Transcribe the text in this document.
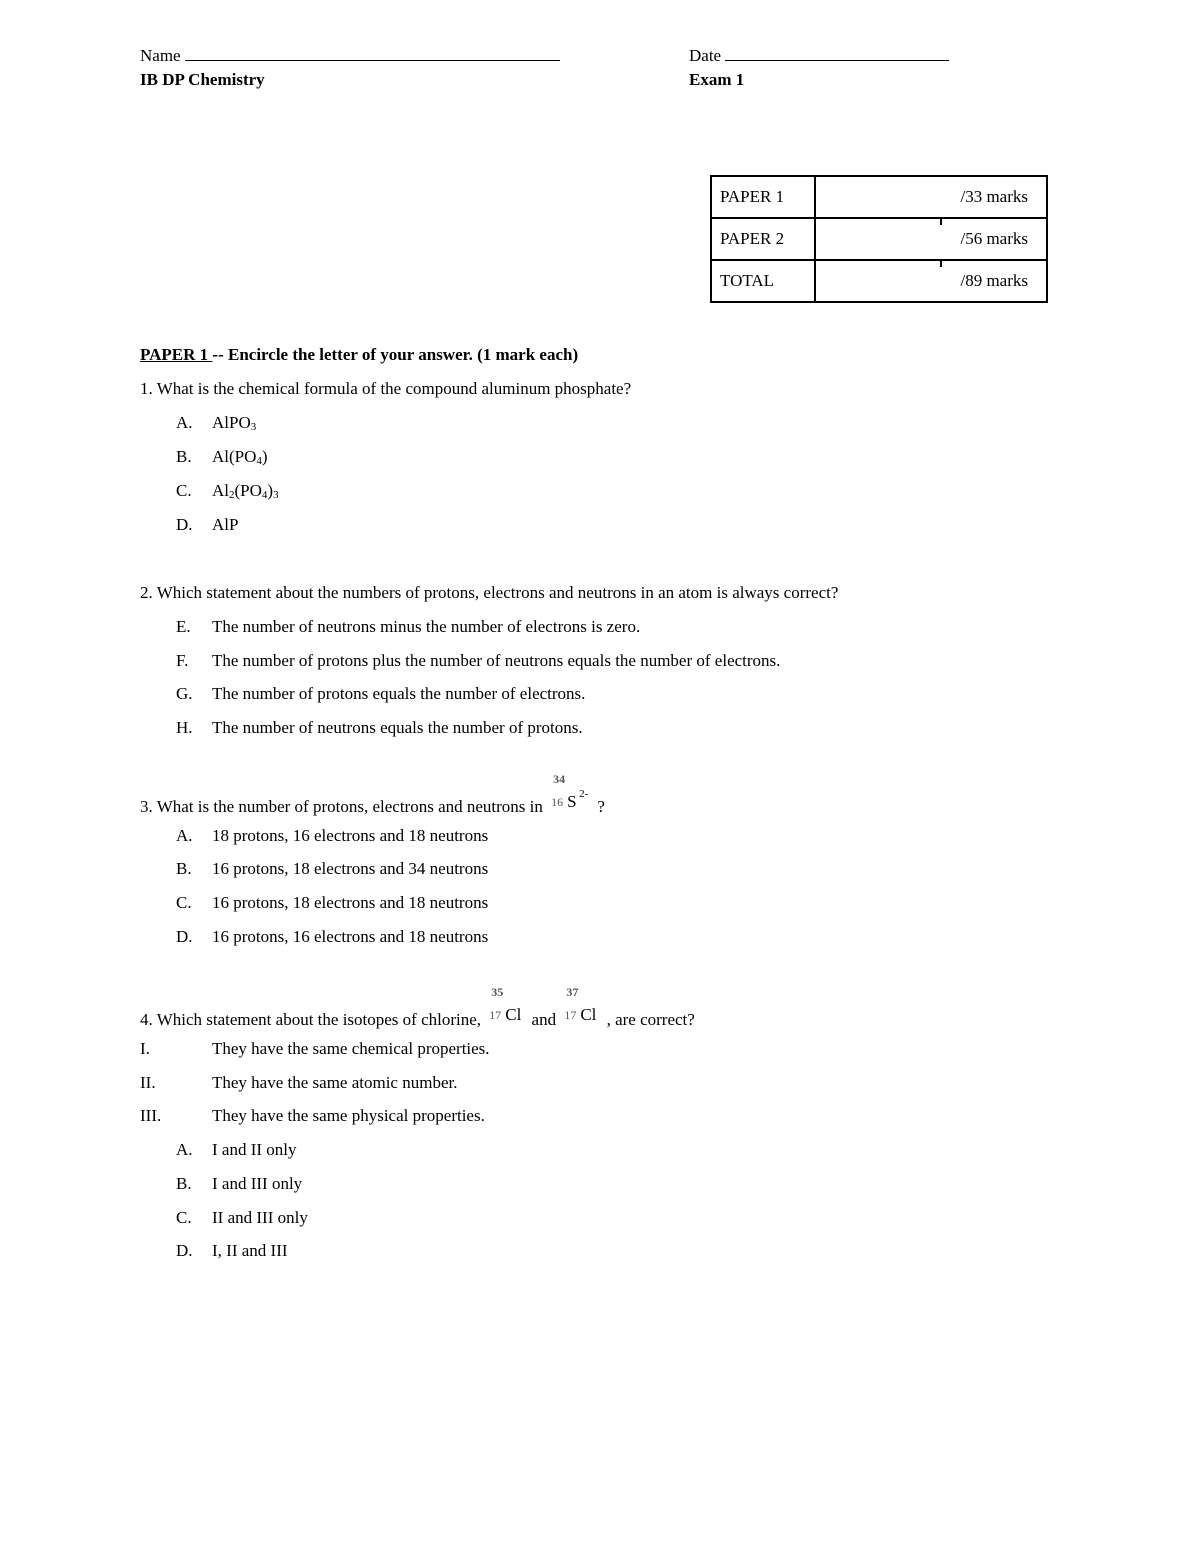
Name	Date
IB DP Chemistry	Exam 1
PAPER 1	/33 marks
PAPER 2	/56 marks
TOTAL	/89 marks
PAPER 1 -- Encircle the letter of your answer. (1 mark each)
1. What is the chemical formula of the compound aluminum phosphate?
A. AlPO$_3$
B. $Al(PO_4)$
C. $Al_2(PO_4)_3$
D. AlP
2. Which statement about the numbers of protons, electrons and neutrons in an atom is always correct?
E. The number of neutrons minus the number of electrons is zero.
F. The number of protons plus the number of neutrons equals the number of electrons.
G. The number of protons equals the number of electrons.
H. The number of neutrons equals the number of protons.
3. What is the number of protons, electrons and neutrons in
34
16 S 2-
?
A. 18 protons, 16 electrons and 18 neutrons
B. 16 protons, 18 electrons and 34 neutrons
C. 16 protons, 18 electrons and 18 neutrons
D. 16 protons, 16 electrons and 18 neutrons
4. Which statement about the isotopes of chlorine,
35
17 Cl and
37
17 Cl , are correct?
I.	They have the same chemical properties.
II.	They have the same atomic number.
III.	They have the same physical properties.
A. I and II only
B. I and III only
C. II and III only
D. I, II and III
